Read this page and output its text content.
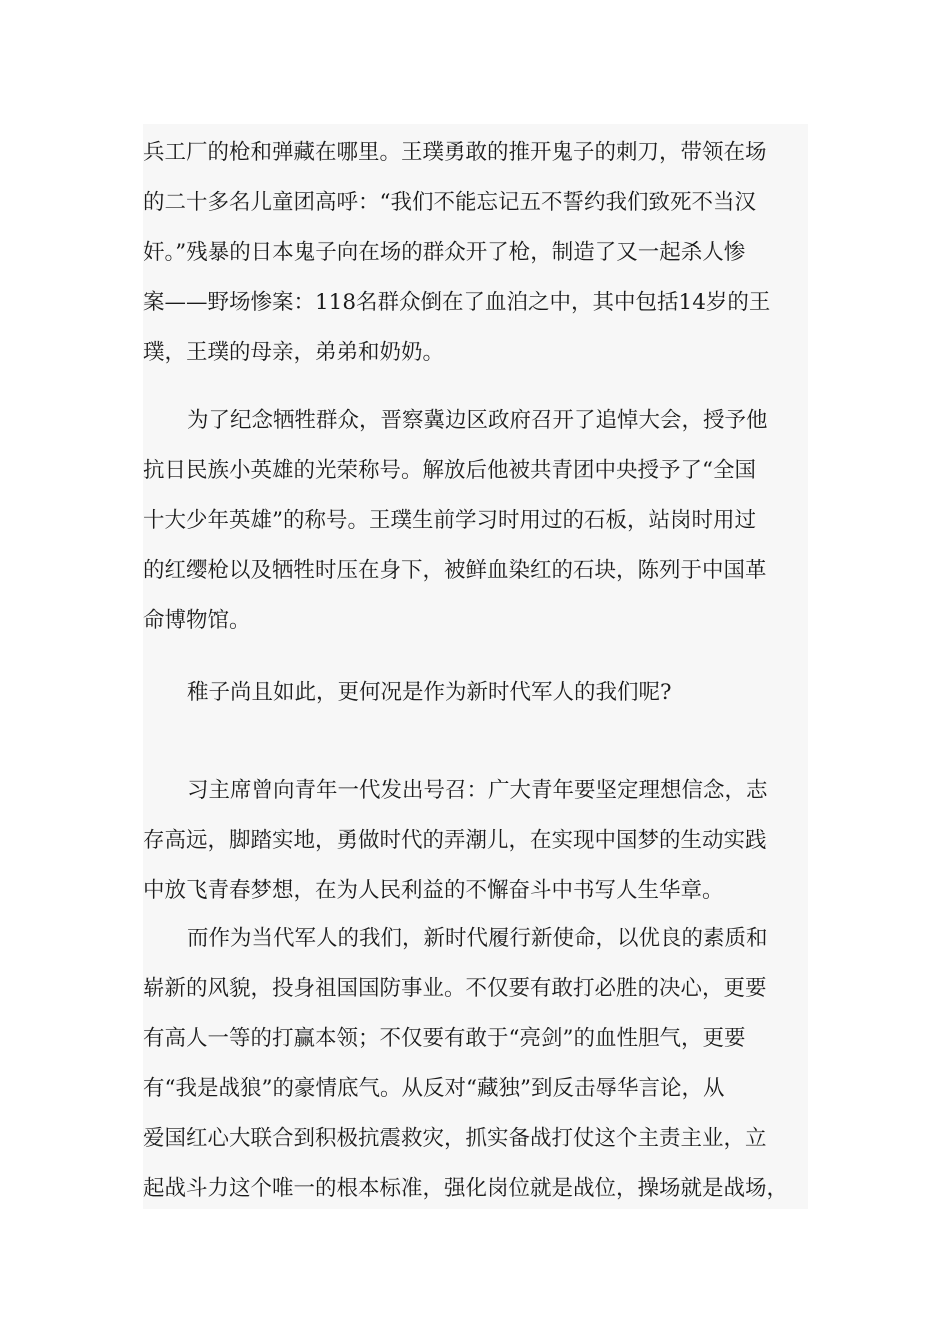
兵工厂的枪和弹藏在哪里。王璞勇敢的推开鬼子的刺刀，带领在场
的二十多名儿童团高呼：“我们不能忘记五不誓约我们致死不当汉
奸。”残暴的日本鬼子向在场的群众开了枪，制造了又一起杀人惨
案——野场惨案：118名群众倒在了血泊之中，其中包括14岁的王
璞，王璞的母亲，弟弟和奶奶。
为了纪念牺牲群众，晋察冀边区政府召开了追悼大会，授予他
抗日民族小英雄的光荣称号。解放后他被共青团中央授予了“全国
十大少年英雄”的称号。王璞生前学习时用过的石板，站岗时用过
的红缨枪以及牺牲时压在身下，被鲜血染红的石块，陈列于中国革
命博物馆。
稚子尚且如此，更何况是作为新时代军人的我们呢?
习主席曾向青年一代发出号召：广大青年要坚定理想信念，志
存高远，脚踏实地，勇做时代的弄潮儿，在实现中国梦的生动实践
中放飞青春梦想，在为人民利益的不懈奋斗中书写人生华章。
而作为当代军人的我们，新时代履行新使命，以优良的素质和
崭新的风貌，投身祖国国防事业。不仅要有敢打必胜的决心，更要
有高人一等的打赢本领；不仅要有敢于“亮剑”的血性胆气，更要
有“我是战狼”的豪情底气。从反对“藏独”到反击辱华言论，从
爱国红心大联合到积极抗震救灾，抓实备战打仗这个主责主业，立
起战斗力这个唯一的根本标准，强化岗位就是战位，操场就是战场，
